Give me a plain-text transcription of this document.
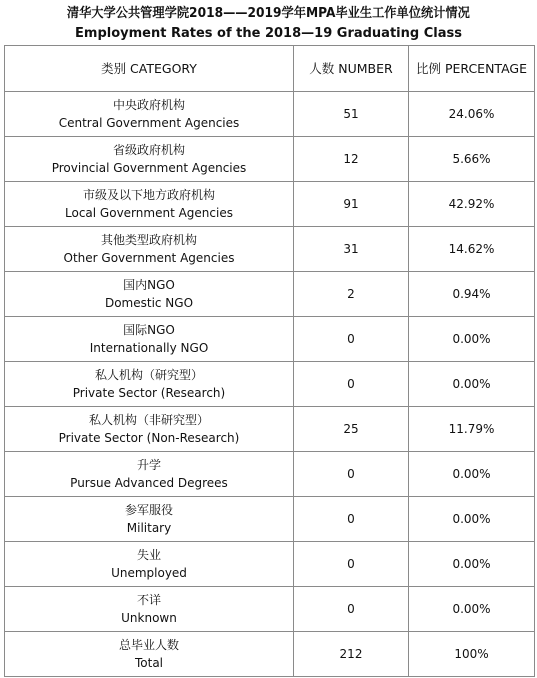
清华大学公共管理学院2018——2019学年MPA毕业生工作单位统计情况
Employment Rates of the 2018—19 Graduating Class
类别 CATEGORY	人数 NUMBER	比例 PERCENTAGE

中央政府机构
Central Government Agencies	51	24.06%

省级政府机构
Provincial Government Agencies	12	5.66%

市级及以下地方政府机构
Local Government Agencies	91	42.92%

其他类型政府机构
Other Government Agencies	31	14.62%

国内NGO
Domestic NGO	2	0.94%

国际NGO
Internationally NGO	0	0.00%

私人机构（研究型）
Private Sector (Research)	0	0.00%

私人机构（非研究型）
Private Sector (Non-Research)	25	11.79%

升学
Pursue Advanced Degrees	0	0.00%

参军服役
Military	0	0.00%

失业
Unemployed	0	0.00%

不详
Unknown	0	0.00%

总毕业人数
Total	212	100%
